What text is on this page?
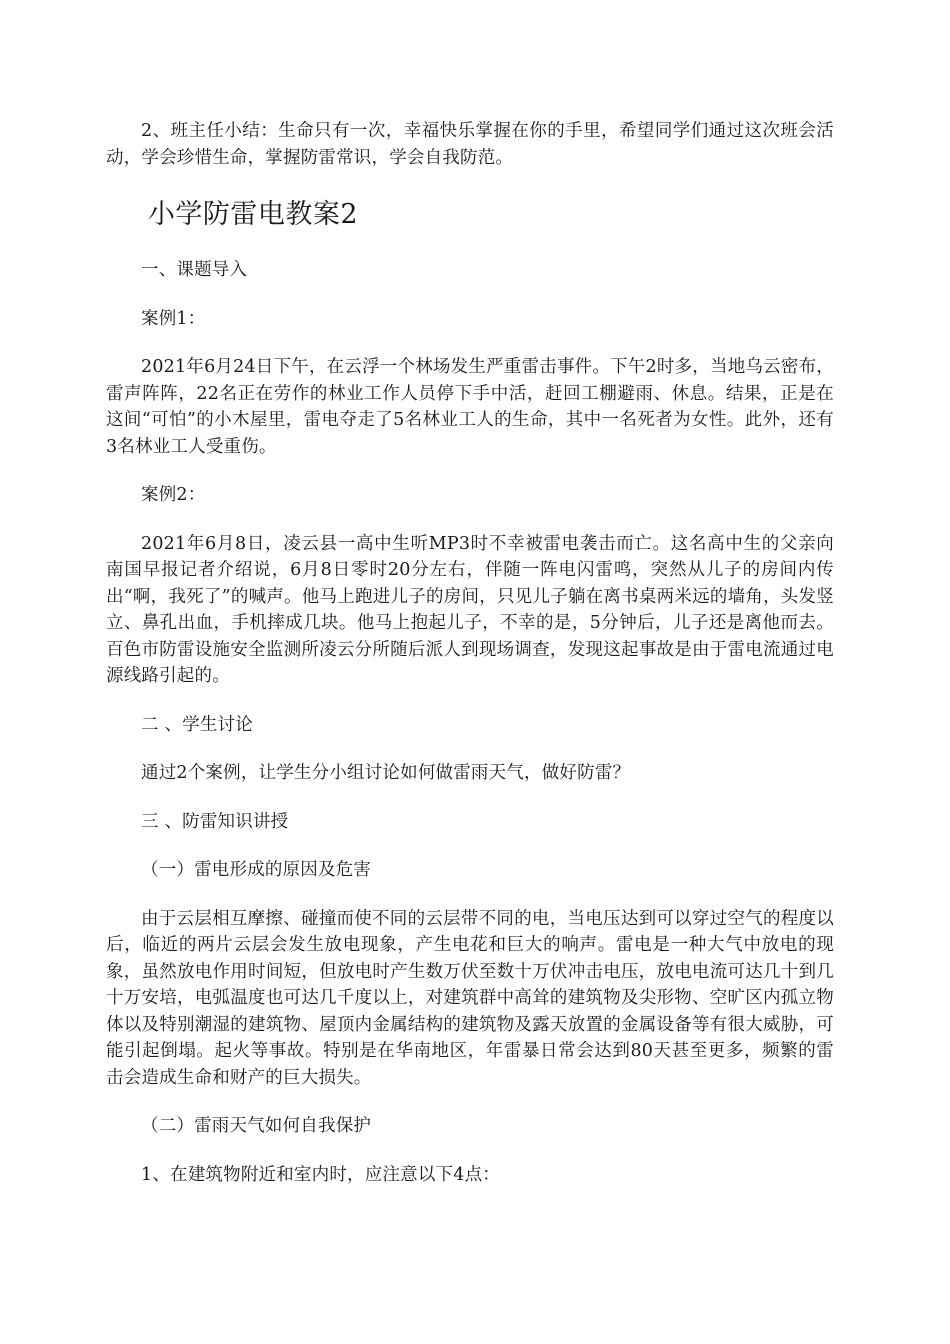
2、班主任小结：生命只有一次，幸福快乐掌握在你的手里，希望同学们通过这次班会活动，学会珍惜生命，掌握防雷常识，学会自我防范。

小学防雷电教案2

一、课题导入

案例1：

2021年6月24日下午，在云浮一个林场发生严重雷击事件。下午2时多，当地乌云密布，雷声阵阵，22名正在劳作的林业工作人员停下手中活，赶回工棚避雨、休息。结果，正是在这间“可怕”的小木屋里，雷电夺走了5名林业工人的生命，其中一名死者为女性。此外，还有3名林业工人受重伤。

案例2：

2021年6月8日，凌云县一高中生听MP3时不幸被雷电袭击而亡。这名高中生的父亲向南国早报记者介绍说，6月8日零时20分左右，伴随一阵电闪雷鸣，突然从儿子的房间内传出“啊，我死了”的喊声。他马上跑进儿子的房间，只见儿子躺在离书桌两米远的墙角，头发竖立、鼻孔出血，手机摔成几块。他马上抱起儿子，不幸的是，5分钟后，儿子还是离他而去。百色市防雷设施安全监测所凌云分所随后派人到现场调查，发现这起事故是由于雷电流通过电源线路引起的。

二 、学生讨论

通过2个案例，让学生分小组讨论如何做雷雨天气，做好防雷？

三 、防雷知识讲授

（一）雷电形成的原因及危害

由于云层相互摩擦、碰撞而使不同的云层带不同的电，当电压达到可以穿过空气的程度以后，临近的两片云层会发生放电现象，产生电花和巨大的响声。雷电是一种大气中放电的现象，虽然放电作用时间短，但放电时产生数万伏至数十万伏冲击电压，放电电流可达几十到几十万安培，电弧温度也可达几千度以上，对建筑群中高耸的建筑物及尖形物、空旷区内孤立物体以及特别潮湿的建筑物、屋顶内金属结构的建筑物及露天放置的金属设备等有很大威胁，可能引起倒塌。起火等事故。特别是在华南地区，年雷暴日常会达到80天甚至更多，频繁的雷击会造成生命和财产的巨大损失。

（二）雷雨天气如何自我保护

1、在建筑物附近和室内时，应注意以下4点：
